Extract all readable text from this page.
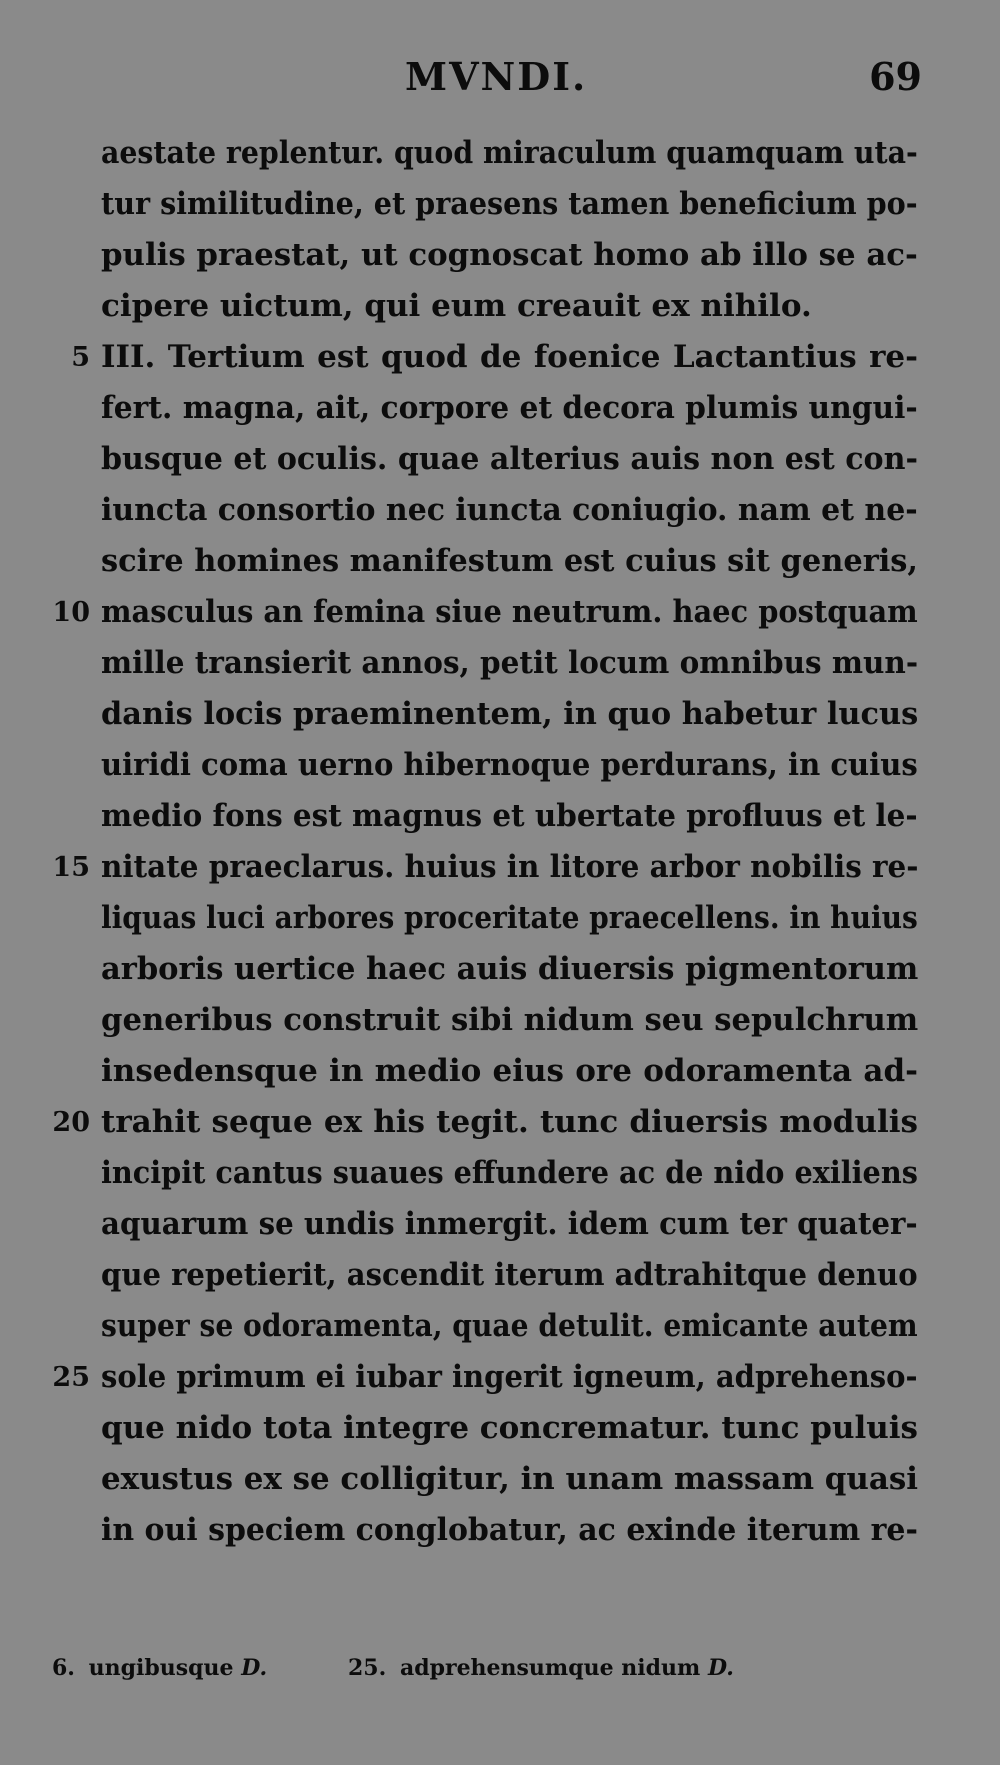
MVNDI.	69
aestate replentur. quod miraculum quamquam uta-
tur similitudine, et praesens tamen beneficium po-
pulis praestat, ut cognoscat homo ab illo se ac-
cipere uictum, qui eum creauit ex nihilo.
5 III. Tertium est quod de foenice Lactantius re-
fert. magna, ait, corpore et decora plumis ungui-
busque et oculis. quae alterius auis non est con-
iuncta consortio nec iuncta coniugio. nam et ne-
scire homines manifestum est cuius sit generis,
10 masculus an femina siue neutrum. haec postquam
mille transierit annos, petit locum omnibus mun-
danis locis praeminentem, in quo habetur lucus
uiridi coma uerno hibernoque perdurans, in cuius
medio fons est magnus et ubertate profluus et le-
15 nitate praeclarus. huius in litore arbor nobilis re-
liquas luci arbores proceritate praecellens. in huius
arboris uertice haec auis diuersis pigmentorum
generibus construit sibi nidum seu sepulchrum
insedensque in medio eius ore odoramenta ad-
20 trahit seque ex his tegit. tunc diuersis modulis
incipit cantus suaues effundere ac de nido exiliens
aquarum se undis inmergit. idem cum ter quater-
que repetierit, ascendit iterum adtrahitque denuo
super se odoramenta, quae detulit. emicante autem
25 sole primum ei iubar ingerit igneum, adprehenso-
que nido tota integre concrematur. tunc puluis
exustus ex se colligitur, in unam massam quasi
in oui speciem conglobatur, ac exinde iterum re-
6. ungibusque D.	25. adprehensumque nidum D.
